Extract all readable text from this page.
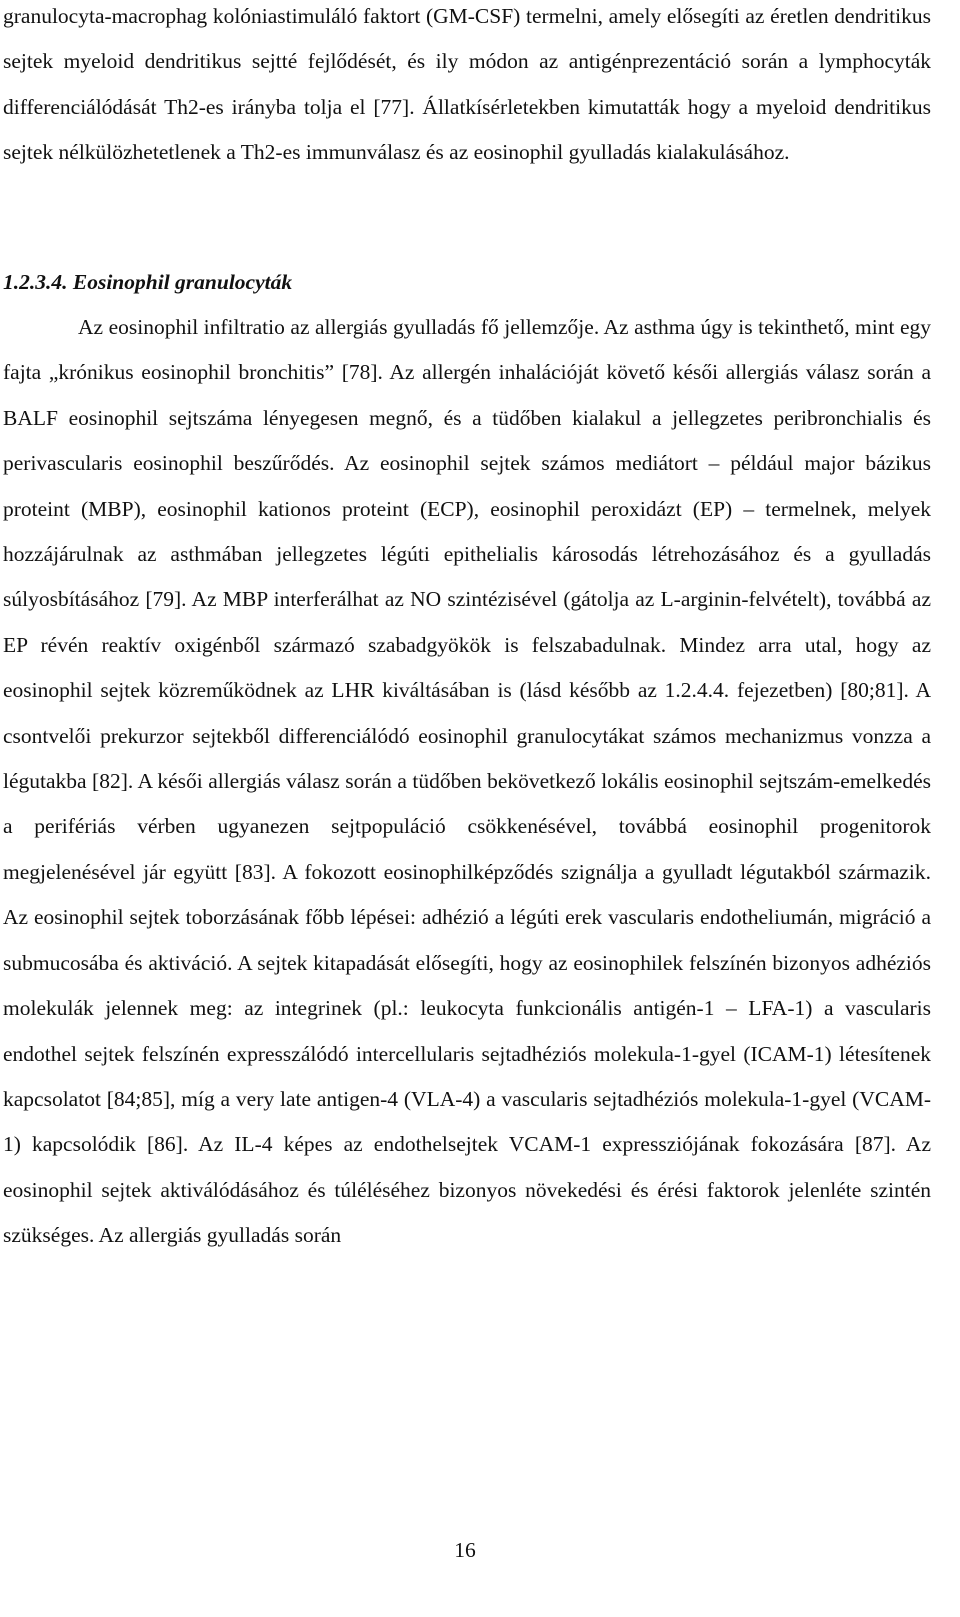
granulocyta-macrophag kolóniastimuláló faktort (GM-CSF) termelni, amely elősegíti az éretlen dendritikus sejtek myeloid dendritikus sejtté fejlődését, és ily módon az antigénprezentáció során a lymphocyták differenciálódását Th2-es irányba tolja el [77]. Állatkísérletekben kimutatták hogy a myeloid dendritikus sejtek nélkülözhetetlenek a Th2-es immunválasz és az eosinophil gyulladás kialakulásához.

1.2.3.4. Eosinophil granulocyták

Az eosinophil infiltratio az allergiás gyulladás fő jellemzője. Az asthma úgy is tekinthető, mint egy fajta „krónikus eosinophil bronchitis” [78]. Az allergén inhalációját követő késői allergiás válasz során a BALF eosinophil sejtszáma lényegesen megnő, és a tüdőben kialakul a jellegzetes peribronchialis és perivascularis eosinophil beszűrődés. Az eosinophil sejtek számos mediátort – például major bázikus proteint (MBP), eosinophil kationos proteint (ECP), eosinophil peroxidázt (EP) – termelnek, melyek hozzájárulnak az asthmában jellegzetes légúti epithelialis károsodás létrehozásához és a gyulladás súlyosbításához [79]. Az MBP interferálhat az NO szintézisével (gátolja az L-arginin-felvételt), továbbá az EP révén reaktív oxigénből származó szabadgyökök is felszabadulnak. Mindez arra utal, hogy az eosinophil sejtek közreműködnek az LHR kiváltásában is (lásd később az 1.2.4.4. fejezetben) [80;81]. A csontvelői prekurzor sejtekből differenciálódó eosinophil granulocytákat számos mechanizmus vonzza a légutakba [82]. A késői allergiás válasz során a tüdőben bekövetkező lokális eosinophil sejtszám-emelkedés a perifériás vérben ugyanezen sejtpopuláció csökkenésével, továbbá eosinophil progenitorok megjelenésével jár együtt [83]. A fokozott eosinophilképződés szignálja a gyulladt légutakból származik. Az eosinophil sejtek toborzásának főbb lépései: adhézió a légúti erek vascularis endotheliumán, migráció a submucosába és aktiváció. A sejtek kitapadását elősegíti, hogy az eosinophilek felszínén bizonyos adhéziós molekulák jelennek meg: az integrinek (pl.: leukocyta funkcionális antigén-1 – LFA-1) a vascularis endothel sejtek felszínén expresszálódó intercellularis sejtadhéziós molekula-1-gyel (ICAM-1) létesítenek kapcsolatot [84;85], míg a very late antigen-4 (VLA-4) a vascularis sejtadhéziós molekula-1-gyel (VCAM-1) kapcsolódik [86]. Az IL-4 képes az endothelsejtek VCAM-1 expressziójának fokozására [87]. Az eosinophil sejtek aktiválódásához és túléléséhez bizonyos növekedési és érési faktorok jelenléte szintén szükséges. Az allergiás gyulladás során

16
